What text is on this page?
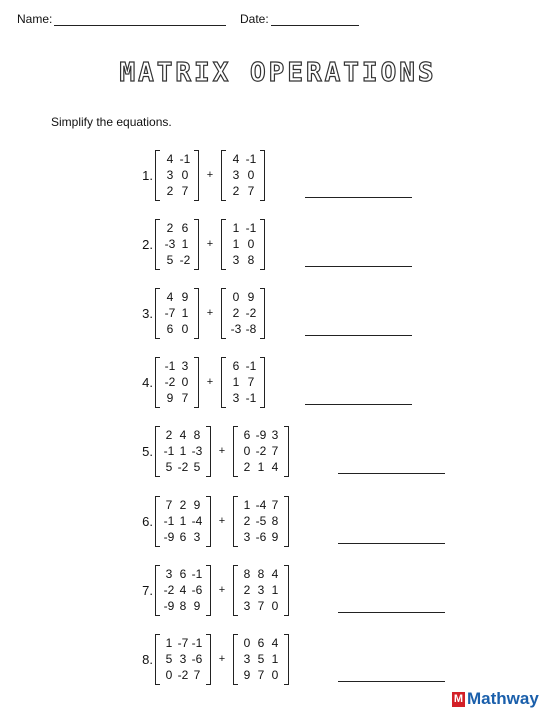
Name:	Date:
MATRIX OPERATIONS
Simplify the equations.
1.
4 -1
3 0
2 7
+
4 -1
3 0
2 7
2.
2 6
-3 1
5 -2
+
1 -1
1 0
3 8
3.
4 9
-7 1
6 0
+
0 9
2 -2
-3 -8
4.
-1 3
-2 0
9 7
+
6 -1
1 7
3 -1
5.
2 4 8
-1 1 -3
5 -2 5
+
6 -9 3
0 -2 7
2 1 4
6.
7 2 9
-1 1 -4
-9 6 3
+
1 -4 7
2 -5 8
3 -6 9
7.
3 6 -1
-2 4 -6
-9 8 9
+
8 8 4
2 3 1
3 7 0
8.
1 -7 -1
5 3 -6
0 -2 7
+
0 6 4
3 5 1
9 7 0
M Mathway
